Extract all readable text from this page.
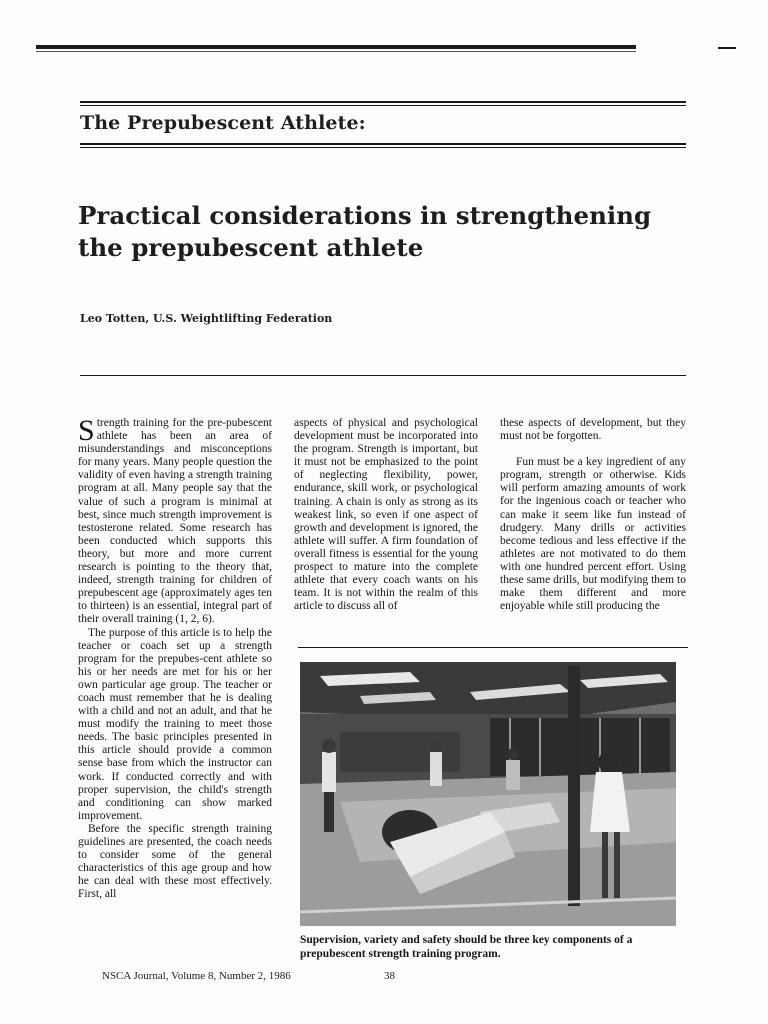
The Prepubescent Athlete:
Practical considerations in strengthening
the prepubescent athlete

Leo Totten, U.S. Weightlifting Federation

Strength training for the pre-pubescent athlete has been an area of misunderstandings and misconceptions for many years. Many people question the validity of even having a strength training program at all. Many people say that the value of such a program is minimal at best, since much strength improvement is testosterone related. Some research has been conducted which supports this theory, but more and more current research is pointing to the theory that, indeed, strength training for children of prepubescent age (approximately ages ten to thirteen) is an essential, integral part of their overall training (1, 2, 6).

The purpose of this article is to help the teacher or coach set up a strength program for the prepubes-cent athlete so his or her needs are met for his or her own particular age group. The teacher or coach must remember that he is dealing with a child and not an adult, and that he must modify the training to meet those needs. The basic principles presented in this article should provide a common sense base from which the instructor can work. If conducted correctly and with proper supervision, the child's strength and conditioning can show marked improvement.

Before the specific strength training guidelines are presented, the coach needs to consider some of the general characteristics of this age group and how he can deal with these most effectively. First, all

aspects of physical and psychological development must be incorporated into the program. Strength is important, but it must not be emphasized to the point of neglecting flexibility, power, endurance, skill work, or psychological training. A chain is only as strong as its weakest link, so even if one aspect of growth and development is ignored, the athlete will suffer. A firm foundation of overall fitness is essential for the young prospect to mature into the complete athlete that every coach wants on his team. It is not within the realm of this article to discuss all of

these aspects of development, but they must not be forgotten.

Fun must be a key ingredient of any program, strength or otherwise. Kids will perform amazing amounts of work for the ingenious coach or teacher who can make it seem like fun instead of drudgery. Many drills or activities become tedious and less effective if the athletes are not motivated to do them with one hundred percent effort. Using these same drills, but modifying them to make them different and more enjoyable while still producing the

Supervision, variety and safety should be three key components of a prepubescent strength training program.

NSCA Journal, Volume 8, Number 2, 1986	38
